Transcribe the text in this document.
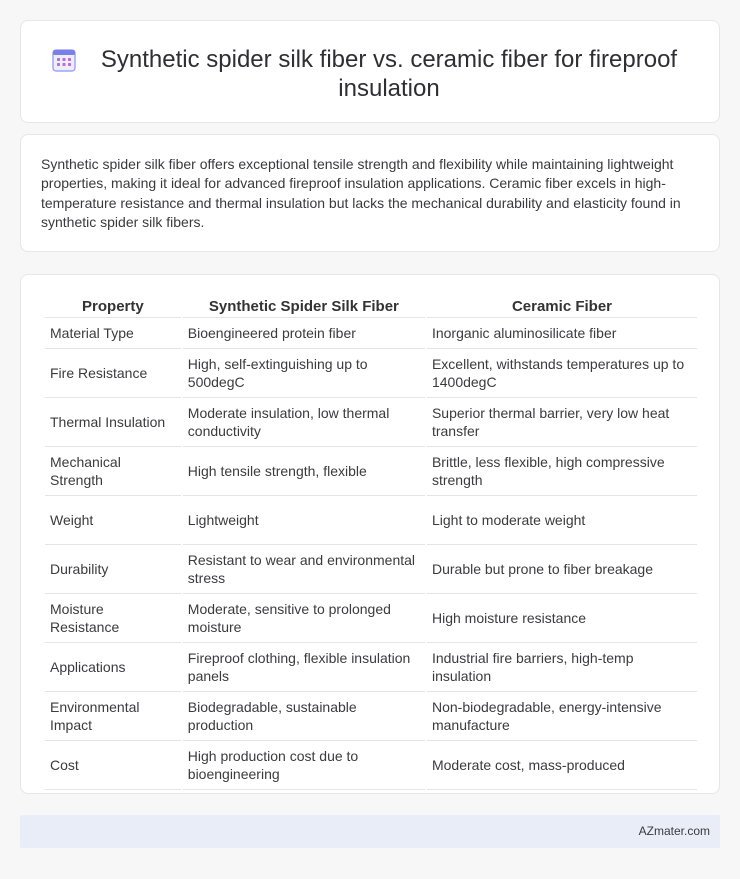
Synthetic spider silk fiber vs. ceramic fiber for fireproof insulation

Synthetic spider silk fiber offers exceptional tensile strength and flexibility while maintaining lightweight properties, making it ideal for advanced fireproof insulation applications. Ceramic fiber excels in high-temperature resistance and thermal insulation but lacks the mechanical durability and elasticity found in synthetic spider silk fibers.

Property	Synthetic Spider Silk Fiber	Ceramic Fiber
Material Type	Bioengineered protein fiber	Inorganic aluminosilicate fiber
Fire Resistance	High, self-extinguishing up to 500degC	Excellent, withstands temperatures up to 1400degC
Thermal Insulation	Moderate insulation, low thermal conductivity	Superior thermal barrier, very low heat transfer
Mechanical Strength	High tensile strength, flexible	Brittle, less flexible, high compressive strength
Weight	Lightweight	Light to moderate weight
Durability	Resistant to wear and environmental stress	Durable but prone to fiber breakage
Moisture Resistance	Moderate, sensitive to prolonged moisture	High moisture resistance
Applications	Fireproof clothing, flexible insulation panels	Industrial fire barriers, high-temp insulation
Environmental Impact	Biodegradable, sustainable production	Non-biodegradable, energy-intensive manufacture
Cost	High production cost due to bioengineering	Moderate cost, mass-produced
AZmater.com
